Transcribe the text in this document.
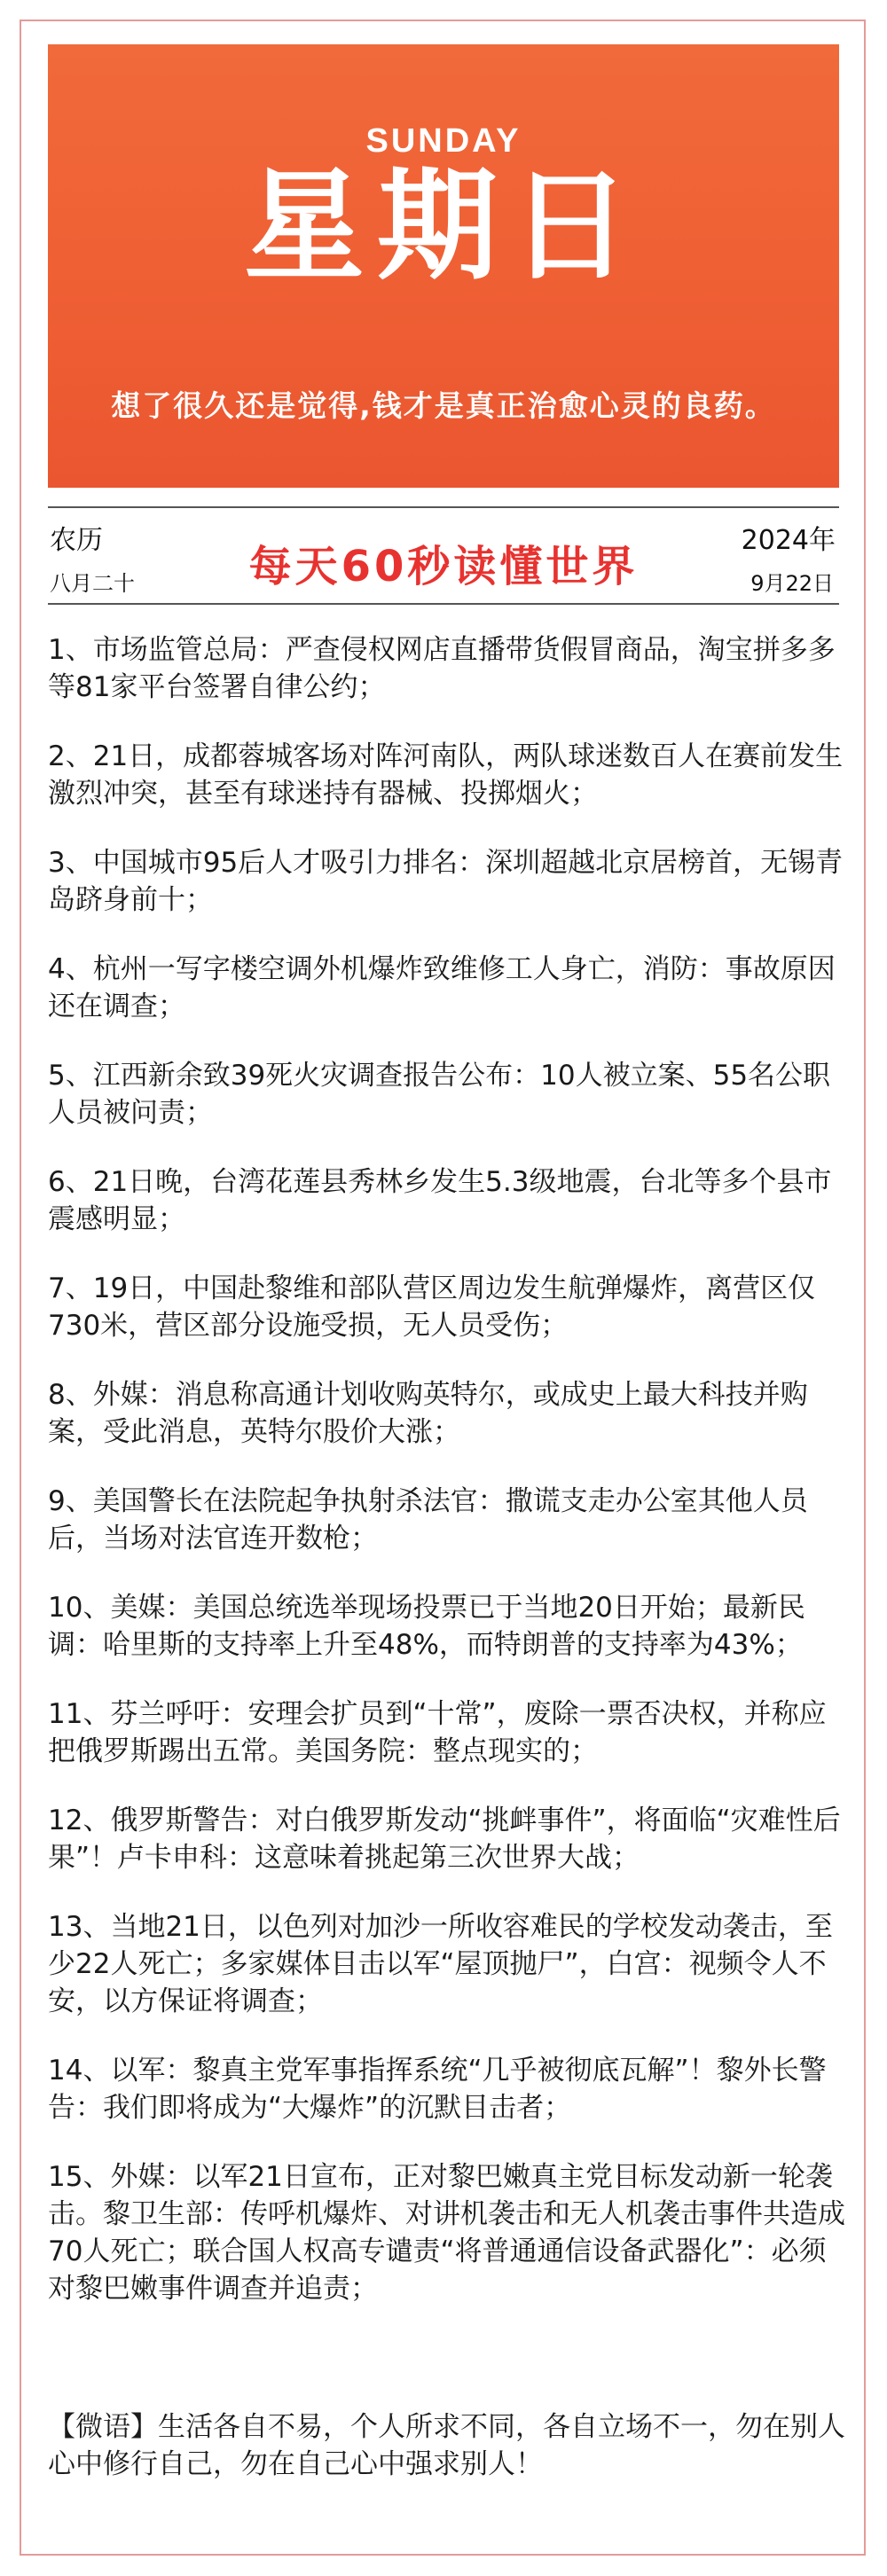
SUNDAY
星期日
想了很久还是觉得,钱才是真正治愈心灵的良药。
农历
八月二十
2024年
9月22日
每天60秒读懂世界
1、市场监管总局：严查侵权网店直播带货假冒商品，淘宝拼多多等81家平台签署自律公约；
2、21日，成都蓉城客场对阵河南队，两队球迷数百人在赛前发生激烈冲突，甚至有球迷持有器械、投掷烟火；
3、中国城市95后人才吸引力排名：深圳超越北京居榜首，无锡青岛跻身前十；
4、杭州一写字楼空调外机爆炸致维修工人身亡，消防：事故原因还在调查；
5、江西新余致39死火灾调查报告公布：10人被立案、55名公职人员被问责；
6、21日晚，台湾花莲县秀林乡发生5.3级地震，台北等多个县市震感明显；
7、19日，中国赴黎维和部队营区周边发生航弹爆炸，离营区仅730米，营区部分设施受损，无人员受伤；
8、外媒：消息称高通计划收购英特尔，或成史上最大科技并购案，受此消息，英特尔股价大涨；
9、美国警长在法院起争执射杀法官：撒谎支走办公室其他人员后，当场对法官连开数枪；
10、美媒：美国总统选举现场投票已于当地20日开始；最新民调：哈里斯的支持率上升至48%，而特朗普的支持率为43%；
11、芬兰呼吁：安理会扩员到“十常”，废除一票否决权，并称应把俄罗斯踢出五常。美国务院：整点现实的；
12、俄罗斯警告：对白俄罗斯发动“挑衅事件”，将面临“灾难性后果”！卢卡申科：这意味着挑起第三次世界大战；
13、当地21日，以色列对加沙一所收容难民的学校发动袭击，至少22人死亡；多家媒体目击以军“屋顶抛尸”，白宫：视频令人不安，以方保证将调查；
14、以军：黎真主党军事指挥系统“几乎被彻底瓦解”！黎外长警告：我们即将成为“大爆炸”的沉默目击者；
15、外媒：以军21日宣布，正对黎巴嫩真主党目标发动新一轮袭击。黎卫生部：传呼机爆炸、对讲机袭击和无人机袭击事件共造成70人死亡；联合国人权高专谴责“将普通通信设备武器化”：必须对黎巴嫩事件调查并追责；
【微语】生活各自不易，个人所求不同，各自立场不一，勿在别人心中修行自己，勿在自己心中强求别人！
